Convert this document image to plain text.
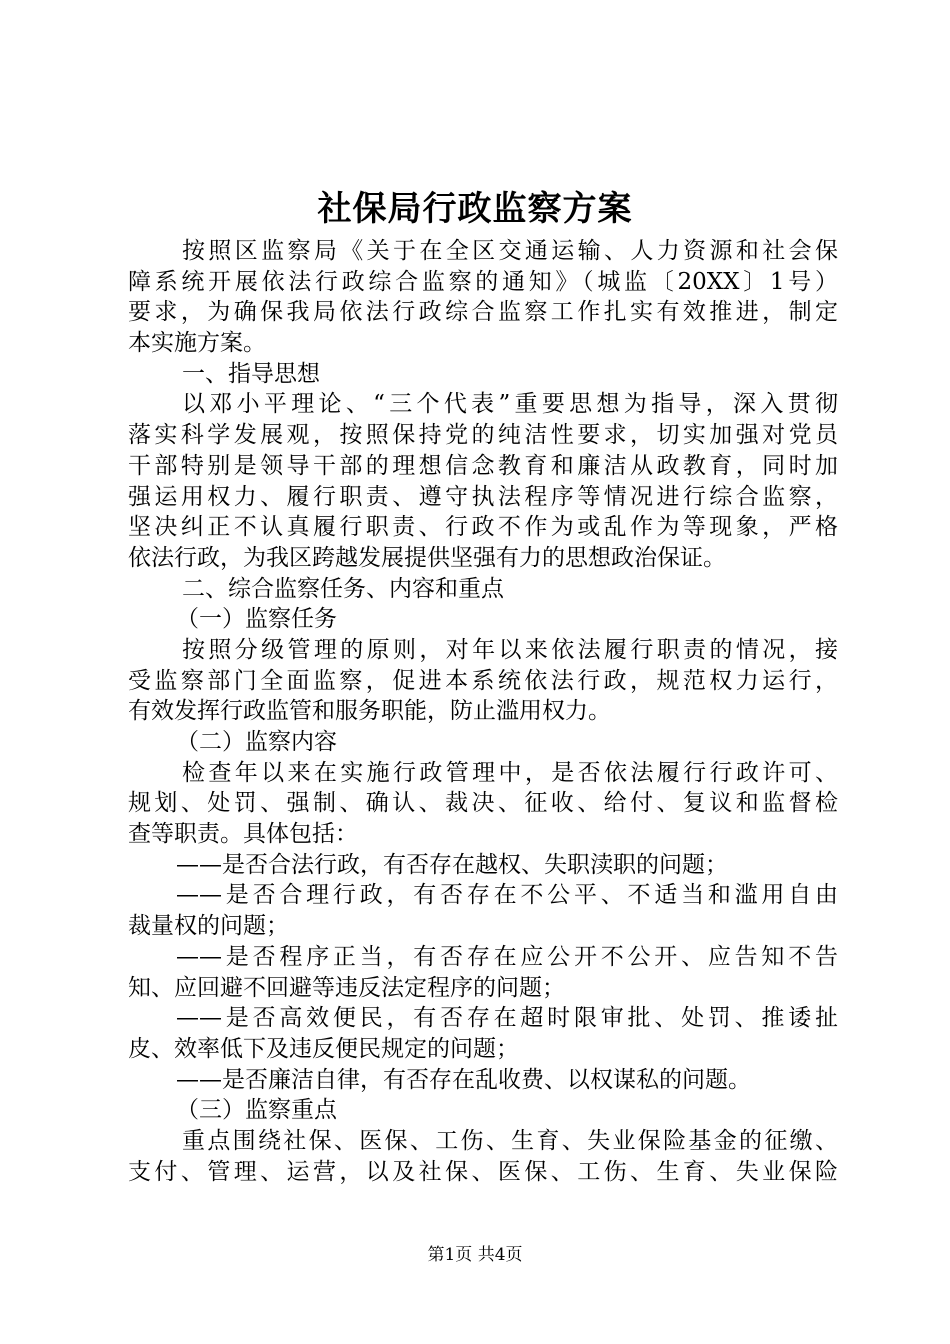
社保局行政监察方案
按照区监察局《关于在全区交通运输、人力资源和社会保
障系统开展依法行政综合监察的通知》（城监〔20XX〕1号）
要求，为确保我局依法行政综合监察工作扎实有效推进，制定
本实施方案。
一、指导思想
以邓小平理论、“三个代表”重要思想为指导，深入贯彻
落实科学发展观，按照保持党的纯洁性要求，切实加强对党员
干部特别是领导干部的理想信念教育和廉洁从政教育，同时加
强运用权力、履行职责、遵守执法程序等情况进行综合监察，
坚决纠正不认真履行职责、行政不作为或乱作为等现象，严格
依法行政，为我区跨越发展提供坚强有力的思想政治保证。
二、综合监察任务、内容和重点
（一）监察任务
按照分级管理的原则，对年以来依法履行职责的情况，接
受监察部门全面监察，促进本系统依法行政，规范权力运行，
有效发挥行政监管和服务职能，防止滥用权力。
（二）监察内容
检查年以来在实施行政管理中，是否依法履行行政许可、
规划、处罚、强制、确认、裁决、征收、给付、复议和监督检
查等职责。具体包括：
——是否合法行政，有否存在越权、失职渎职的问题；
——是否合理行政，有否存在不公平、不适当和滥用自由
裁量权的问题；
——是否程序正当，有否存在应公开不公开、应告知不告
知、应回避不回避等违反法定程序的问题；
——是否高效便民，有否存在超时限审批、处罚、推诿扯
皮、效率低下及违反便民规定的问题；
——是否廉洁自律，有否存在乱收费、以权谋私的问题。
（三）监察重点
重点围绕社保、医保、工伤、生育、失业保险基金的征缴、
支付、管理、运营，以及社保、医保、工伤、生育、失业保险
第1页 共4页
